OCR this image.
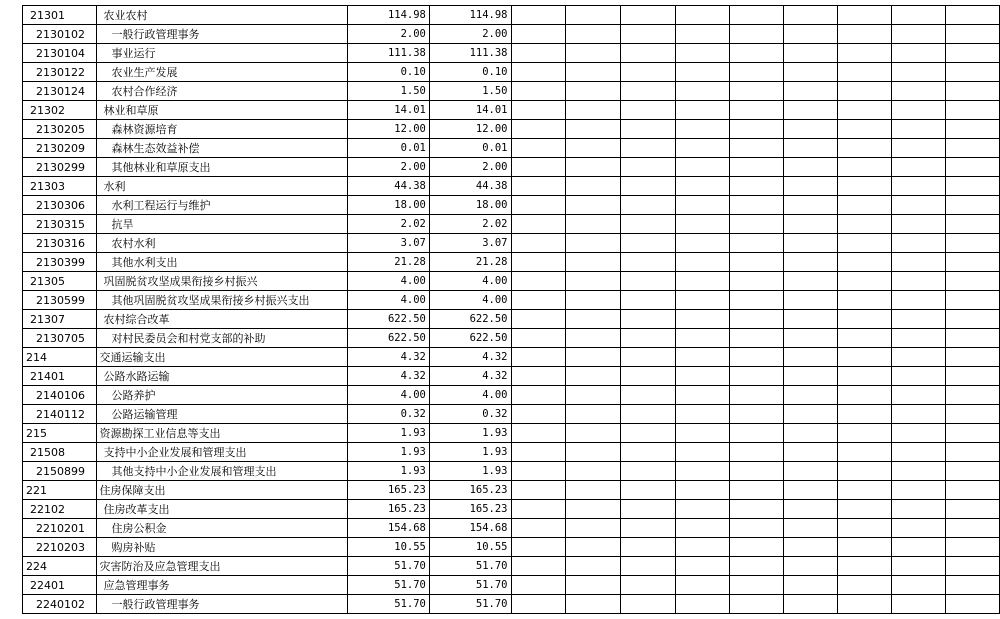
21301	农业农村	114.98	114.98									
2130102	一般行政管理事务	2.00	2.00									
2130104	事业运行	111.38	111.38									
2130122	农业生产发展	0.10	0.10									
2130124	农村合作经济	1.50	1.50									
21302	林业和草原	14.01	14.01									
2130205	森林资源培育	12.00	12.00									
2130209	森林生态效益补偿	0.01	0.01									
2130299	其他林业和草原支出	2.00	2.00									
21303	水利	44.38	44.38									
2130306	水利工程运行与维护	18.00	18.00									
2130315	抗旱	2.02	2.02									
2130316	农村水利	3.07	3.07									
2130399	其他水利支出	21.28	21.28									
21305	巩固脱贫攻坚成果衔接乡村振兴	4.00	4.00									
2130599	其他巩固脱贫攻坚成果衔接乡村振兴支出	4.00	4.00									
21307	农村综合改革	622.50	622.50									
2130705	对村民委员会和村党支部的补助	622.50	622.50									
214	交通运输支出	4.32	4.32									
21401	公路水路运输	4.32	4.32									
2140106	公路养护	4.00	4.00									
2140112	公路运输管理	0.32	0.32									
215	资源勘探工业信息等支出	1.93	1.93									
21508	支持中小企业发展和管理支出	1.93	1.93									
2150899	其他支持中小企业发展和管理支出	1.93	1.93									
221	住房保障支出	165.23	165.23									
22102	住房改革支出	165.23	165.23									
2210201	住房公积金	154.68	154.68									
2210203	购房补贴	10.55	10.55									
224	灾害防治及应急管理支出	51.70	51.70									
22401	应急管理事务	51.70	51.70									
2240102	一般行政管理事务	51.70	51.70									
